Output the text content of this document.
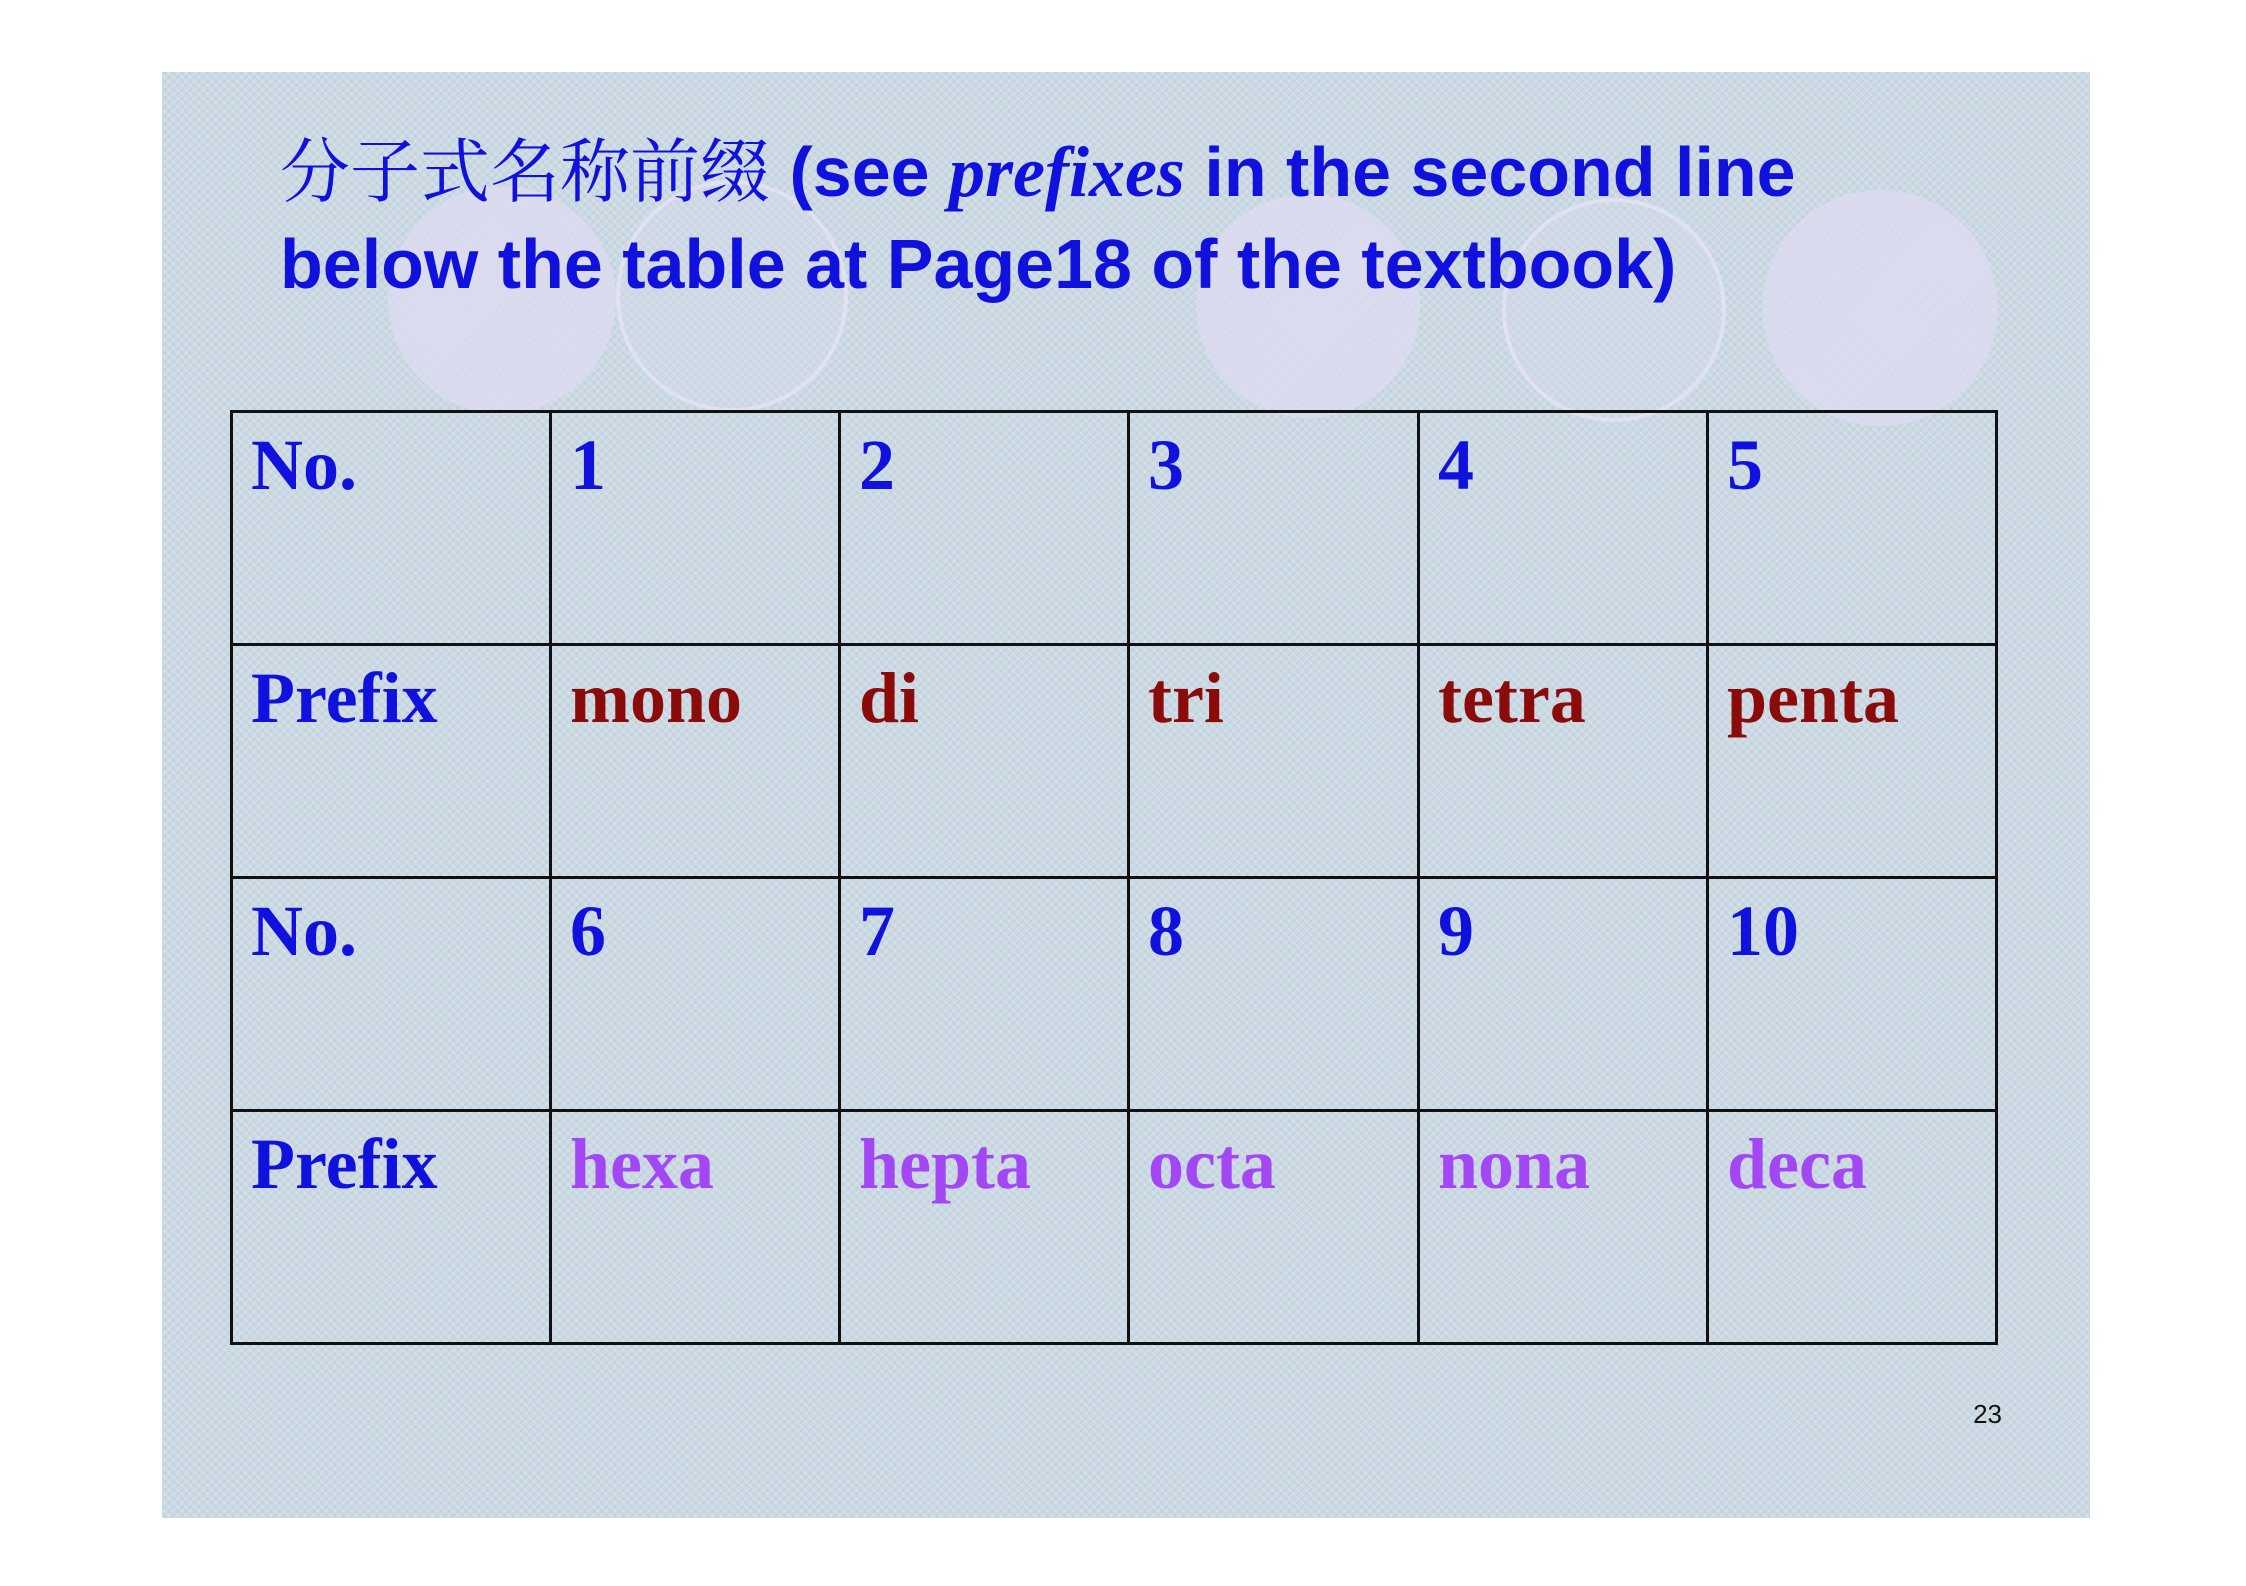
分子式名称前缀 (see prefixes in the second line below the table at Page18 of the textbook)
No.	1	2	3	4	5
Prefix	mono	di	tri	tetra	penta
No.	6	7	8	9	10
Prefix	hexa	hepta	octa	nona	deca
23
